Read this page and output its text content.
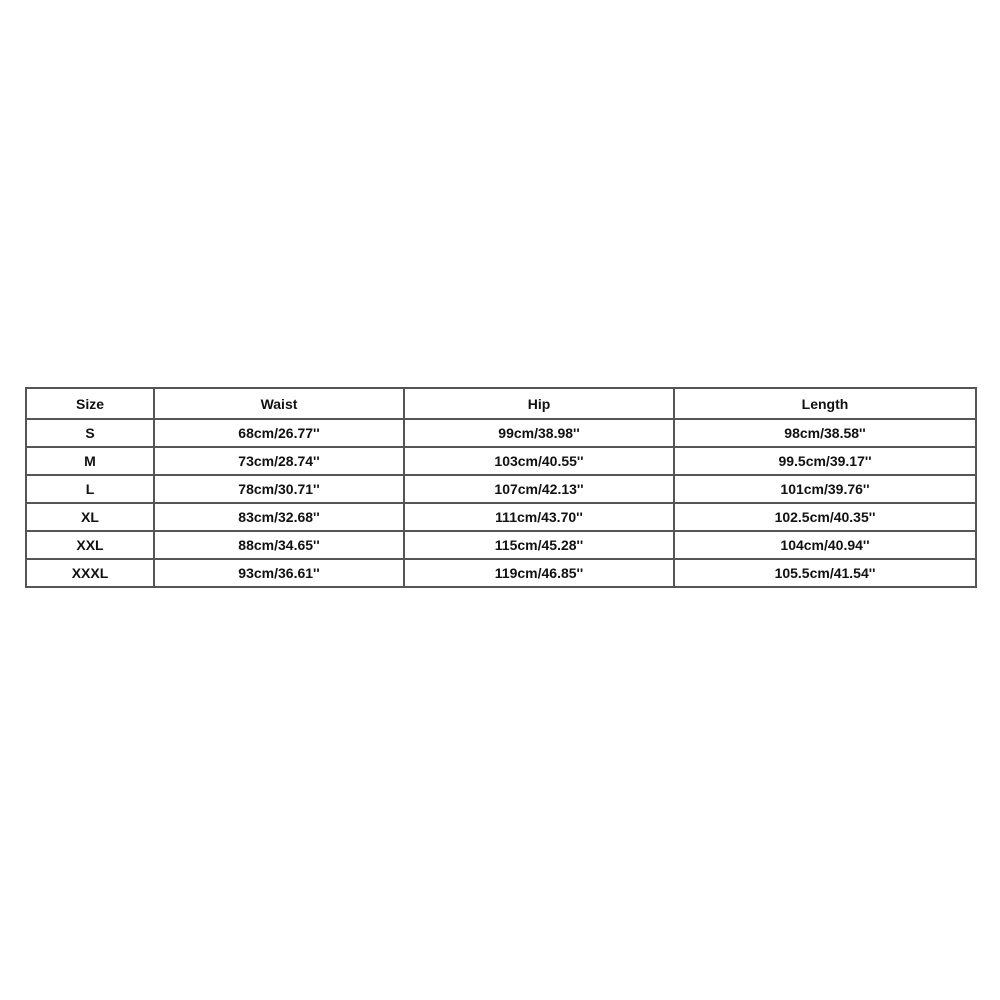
Size	Waist	Hip	Length
S	68cm/26.77''	99cm/38.98''	98cm/38.58''
M	73cm/28.74''	103cm/40.55''	99.5cm/39.17''
L	78cm/30.71''	107cm/42.13''	101cm/39.76''
XL	83cm/32.68''	111cm/43.70''	102.5cm/40.35''
XXL	88cm/34.65''	115cm/45.28''	104cm/40.94''
XXXL	93cm/36.61''	119cm/46.85''	105.5cm/41.54''
